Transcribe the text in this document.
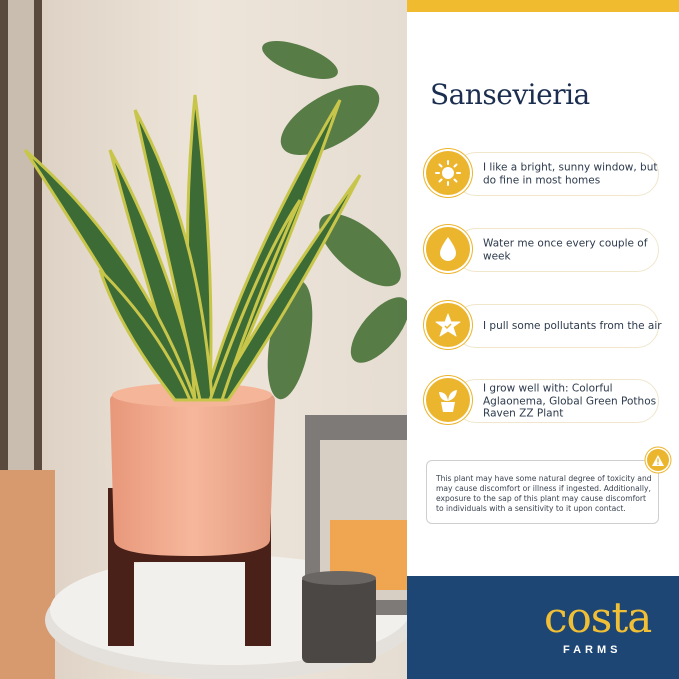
Sansevieria
I like a bright, sunny window, but do fine in most homes
Water me once every couple of week
I pull some pollutants from the air
I grow well with: Colorful Aglaonema, Global Green Pothos Raven ZZ Plant
This plant may have some natural degree of toxicity and may cause discomfort or illness if ingested. Additionally, exposure to the sap of this plant may cause discomfort to individuals with a sensitivity to it upon contact.
costa
FARMS
